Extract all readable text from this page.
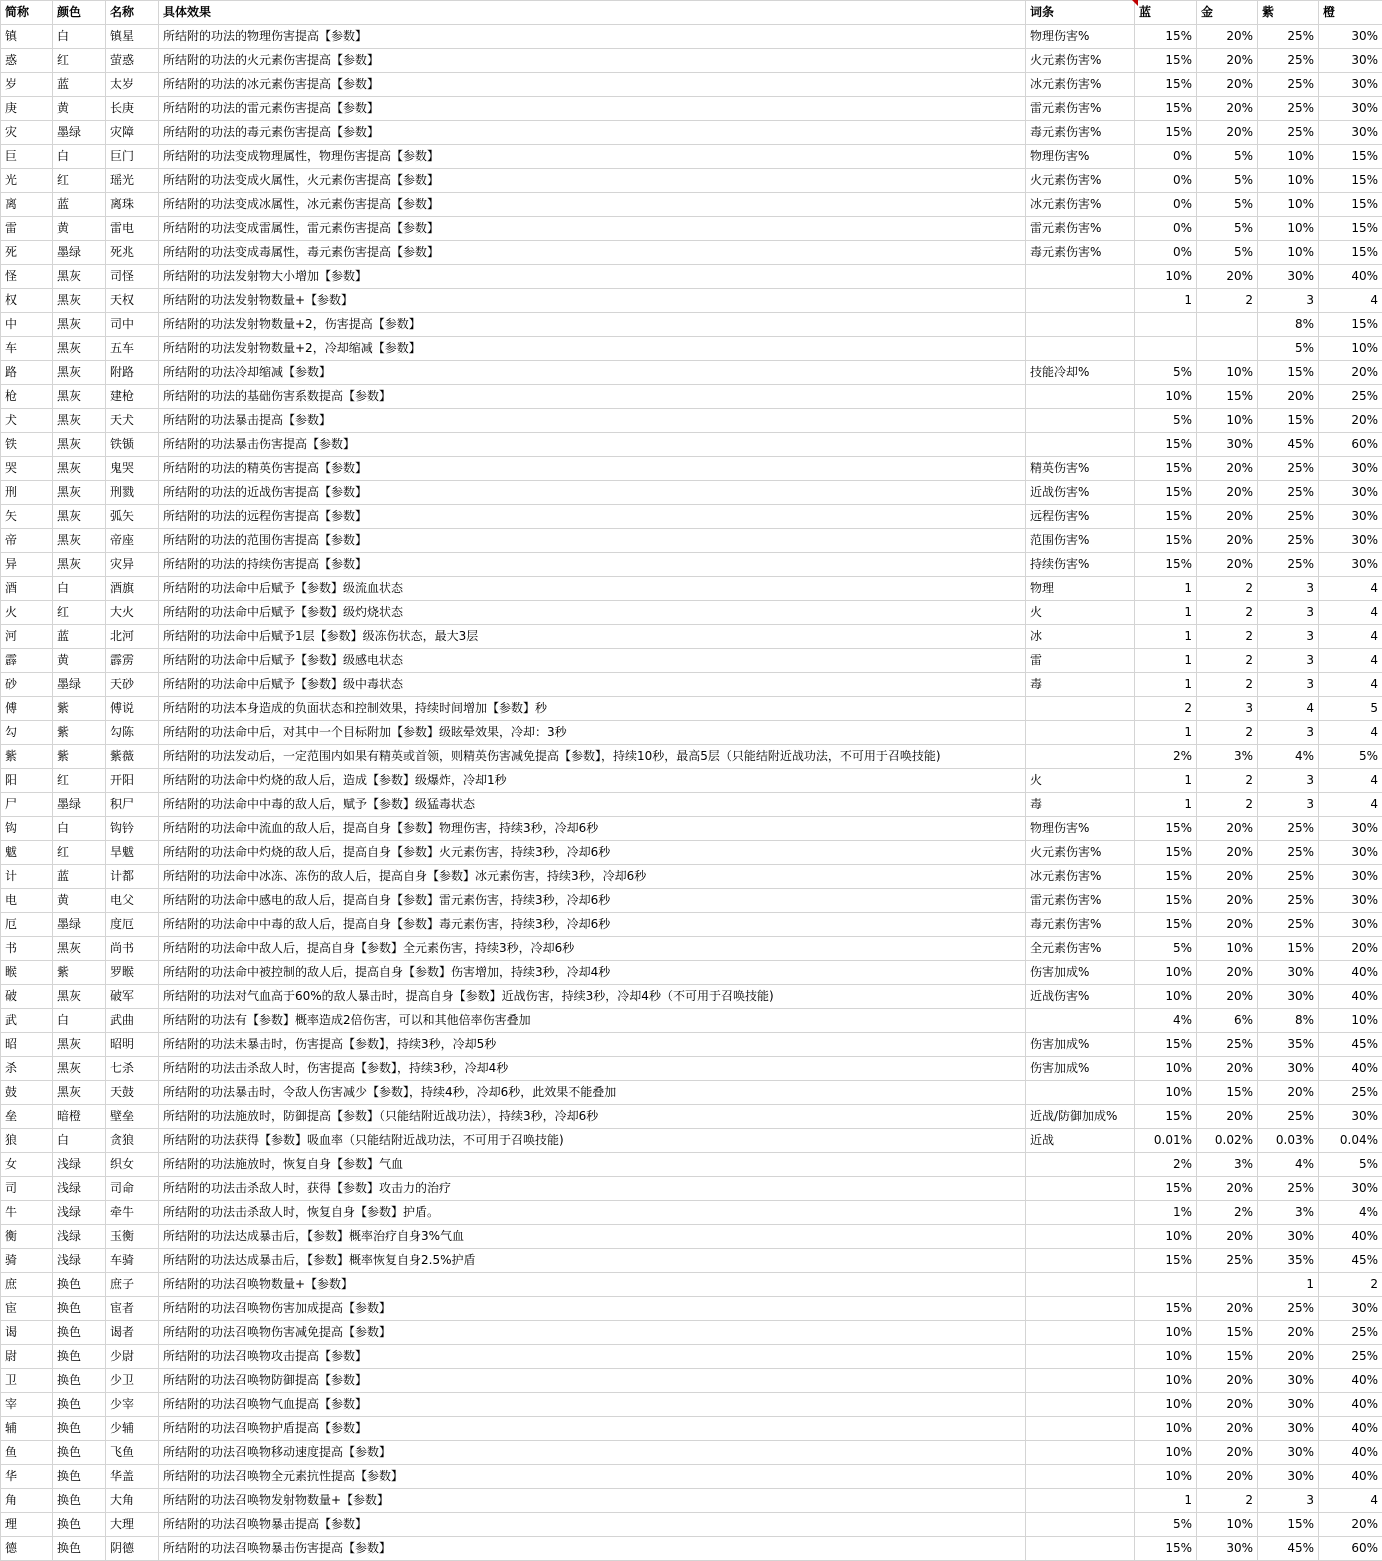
简称	颜色	名称	具体效果	词条	蓝	金	紫	橙
镇	白	镇星	所结附的功法的物理伤害提高【参数】	物理伤害%	15%	20%	25%	30%
惑	红	萤惑	所结附的功法的火元素伤害提高【参数】	火元素伤害%	15%	20%	25%	30%
岁	蓝	太岁	所结附的功法的冰元素伤害提高【参数】	冰元素伤害%	15%	20%	25%	30%
庚	黄	长庚	所结附的功法的雷元素伤害提高【参数】	雷元素伤害%	15%	20%	25%	30%
灾	墨绿	灾障	所结附的功法的毒元素伤害提高【参数】	毒元素伤害%	15%	20%	25%	30%
巨	白	巨门	所结附的功法变成物理属性，物理伤害提高【参数】	物理伤害%	0%	5%	10%	15%
光	红	瑶光	所结附的功法变成火属性，火元素伤害提高【参数】	火元素伤害%	0%	5%	10%	15%
离	蓝	离珠	所结附的功法变成冰属性，冰元素伤害提高【参数】	冰元素伤害%	0%	5%	10%	15%
雷	黄	雷电	所结附的功法变成雷属性，雷元素伤害提高【参数】	雷元素伤害%	0%	5%	10%	15%
死	墨绿	死兆	所结附的功法变成毒属性，毒元素伤害提高【参数】	毒元素伤害%	0%	5%	10%	15%
怪	黑灰	司怪	所结附的功法发射物大小增加【参数】		10%	20%	30%	40%
权	黑灰	天权	所结附的功法发射物数量+【参数】		1	2	3	4
中	黑灰	司中	所结附的功法发射物数量+2，伤害提高【参数】				8%	15%
车	黑灰	五车	所结附的功法发射物数量+2，冷却缩减【参数】				5%	10%
路	黑灰	附路	所结附的功法冷却缩减【参数】	技能冷却%	5%	10%	15%	20%
枪	黑灰	建枪	所结附的功法的基础伤害系数提高【参数】		10%	15%	20%	25%
犬	黑灰	天犬	所结附的功法暴击提高【参数】		5%	10%	15%	20%
铁	黑灰	铁锧	所结附的功法暴击伤害提高【参数】		15%	30%	45%	60%
哭	黑灰	鬼哭	所结附的功法的精英伤害提高【参数】	精英伤害%	15%	20%	25%	30%
刑	黑灰	刑戮	所结附的功法的近战伤害提高【参数】	近战伤害%	15%	20%	25%	30%
矢	黑灰	弧矢	所结附的功法的远程伤害提高【参数】	远程伤害%	15%	20%	25%	30%
帝	黑灰	帝座	所结附的功法的范围伤害提高【参数】	范围伤害%	15%	20%	25%	30%
异	黑灰	灾异	所结附的功法的持续伤害提高【参数】	持续伤害%	15%	20%	25%	30%
酒	白	酒旗	所结附的功法命中后赋予【参数】级流血状态	物理	1	2	3	4
火	红	大火	所结附的功法命中后赋予【参数】级灼烧状态	火	1	2	3	4
河	蓝	北河	所结附的功法命中后赋予1层【参数】级冻伤状态，最大3层	冰	1	2	3	4
霹	黄	霹雳	所结附的功法命中后赋予【参数】级感电状态	雷	1	2	3	4
砂	墨绿	天砂	所结附的功法命中后赋予【参数】级中毒状态	毒	1	2	3	4
傅	紫	傅说	所结附的功法本身造成的负面状态和控制效果，持续时间增加【参数】秒		2	3	4	5
勾	紫	勾陈	所结附的功法命中后，对其中一个目标附加【参数】级眩晕效果，冷却：3秒		1	2	3	4
紫	紫	紫薇	所结附的功法发动后，一定范围内如果有精英或首领，则精英伤害减免提高【参数】，持续10秒，最高5层（只能结附近战功法，不可用于召唤技能)		2%	3%	4%	5%
阳	红	开阳	所结附的功法命中灼烧的敌人后，造成【参数】级爆炸，冷却1秒	火	1	2	3	4
尸	墨绿	积尸	所结附的功法命中中毒的敌人后，赋予【参数】级猛毒状态	毒	1	2	3	4
钩	白	钩钤	所结附的功法命中流血的敌人后，提高自身【参数】物理伤害，持续3秒，冷却6秒	物理伤害%	15%	20%	25%	30%
魃	红	旱魃	所结附的功法命中灼烧的敌人后，提高自身【参数】火元素伤害，持续3秒，冷却6秒	火元素伤害%	15%	20%	25%	30%
计	蓝	计都	所结附的功法命中冰冻、冻伤的敌人后，提高自身【参数】冰元素伤害，持续3秒，冷却6秒	冰元素伤害%	15%	20%	25%	30%
电	黄	电父	所结附的功法命中感电的敌人后，提高自身【参数】雷元素伤害，持续3秒，冷却6秒	雷元素伤害%	15%	20%	25%	30%
厄	墨绿	度厄	所结附的功法命中中毒的敌人后，提高自身【参数】毒元素伤害，持续3秒，冷却6秒	毒元素伤害%	15%	20%	25%	30%
书	黑灰	尚书	所结附的功法命中敌人后，提高自身【参数】全元素伤害，持续3秒，冷却6秒	全元素伤害%	5%	10%	15%	20%
睺	紫	罗睺	所结附的功法命中被控制的敌人后，提高自身【参数】伤害增加，持续3秒，冷却4秒	伤害加成%	10%	20%	30%	40%
破	黑灰	破军	所结附的功法对气血高于60%的敌人暴击时，提高自身【参数】近战伤害，持续3秒，冷却4秒（不可用于召唤技能)	近战伤害%	10%	20%	30%	40%
武	白	武曲	所结附的功法有【参数】概率造成2倍伤害，可以和其他倍率伤害叠加		4%	6%	8%	10%
昭	黑灰	昭明	所结附的功法未暴击时，伤害提高【参数】，持续3秒，冷却5秒	伤害加成%	15%	25%	35%	45%
杀	黑灰	七杀	所结附的功法击杀敌人时，伤害提高【参数】，持续3秒，冷却4秒	伤害加成%	10%	20%	30%	40%
鼓	黑灰	天鼓	所结附的功法暴击时，令敌人伤害减少【参数】，持续4秒，冷却6秒，此效果不能叠加		10%	15%	20%	25%
垒	暗橙	壁垒	所结附的功法施放时，防御提高【参数】（只能结附近战功法），持续3秒，冷却6秒	近战/防御加成%	15%	20%	25%	30%
狼	白	贪狼	所结附的功法获得【参数】吸血率（只能结附近战功法，不可用于召唤技能)	近战	0.01%	0.02%	0.03%	0.04%
女	浅绿	织女	所结附的功法施放时，恢复自身【参数】气血		2%	3%	4%	5%
司	浅绿	司命	所结附的功法击杀敌人时，获得【参数】攻击力的治疗		15%	20%	25%	30%
牛	浅绿	牵牛	所结附的功法击杀敌人时，恢复自身【参数】护盾。		1%	2%	3%	4%
衡	浅绿	玉衡	所结附的功法达成暴击后，【参数】概率治疗自身3%气血		10%	20%	30%	40%
骑	浅绿	车骑	所结附的功法达成暴击后，【参数】概率恢复自身2.5%护盾		15%	25%	35%	45%
庶	换色	庶子	所结附的功法召唤物数量+【参数】				1	2
宦	换色	宦者	所结附的功法召唤物伤害加成提高【参数】		15%	20%	25%	30%
谒	换色	谒者	所结附的功法召唤物伤害减免提高【参数】		10%	15%	20%	25%
尉	换色	少尉	所结附的功法召唤物攻击提高【参数】		10%	15%	20%	25%
卫	换色	少卫	所结附的功法召唤物防御提高【参数】		10%	20%	30%	40%
宰	换色	少宰	所结附的功法召唤物气血提高【参数】		10%	20%	30%	40%
辅	换色	少辅	所结附的功法召唤物护盾提高【参数】		10%	20%	30%	40%
鱼	换色	飞鱼	所结附的功法召唤物移动速度提高【参数】		10%	20%	30%	40%
华	换色	华盖	所结附的功法召唤物全元素抗性提高【参数】		10%	20%	30%	40%
角	换色	大角	所结附的功法召唤物发射物数量+【参数】		1	2	3	4
理	换色	大理	所结附的功法召唤物暴击提高【参数】		5%	10%	15%	20%
德	换色	阴德	所结附的功法召唤物暴击伤害提高【参数】		15%	30%	45%	60%
